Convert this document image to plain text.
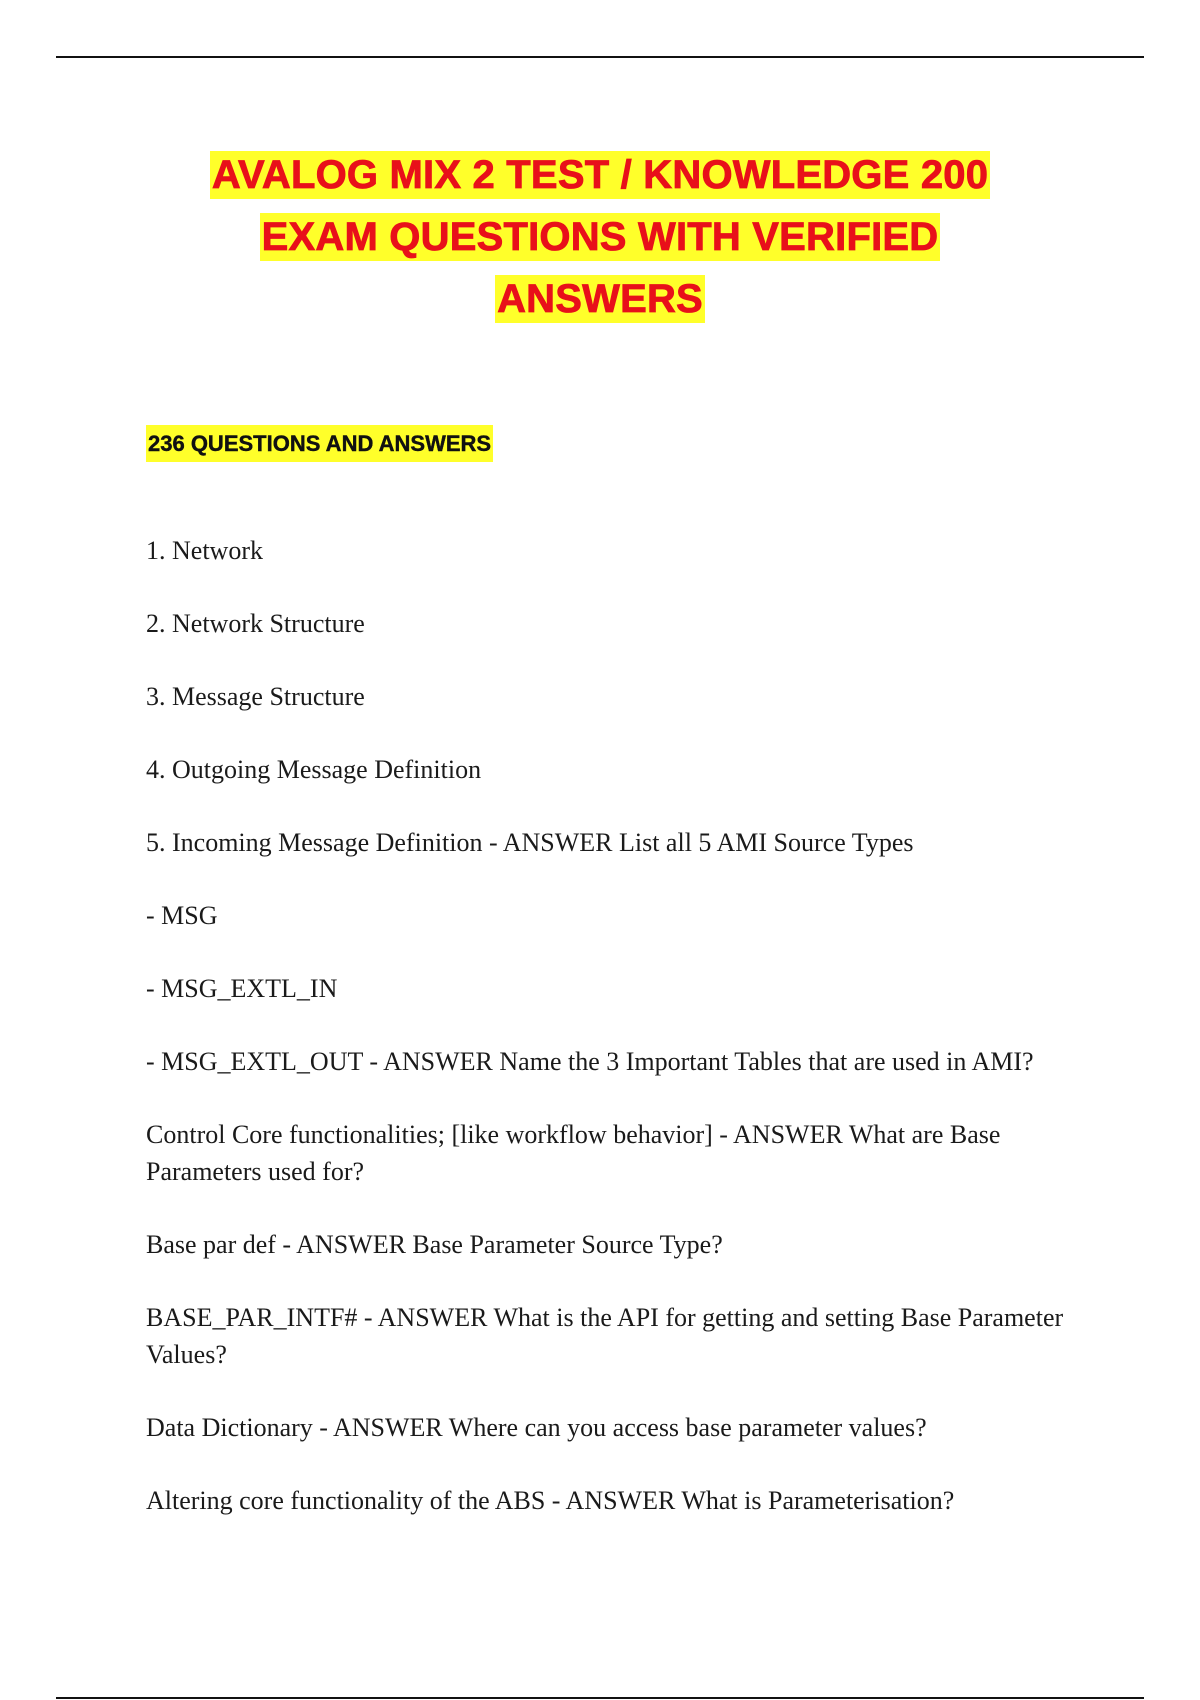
AVALOG MIX 2 TEST / KNOWLEDGE 200
EXAM QUESTIONS WITH VERIFIED
ANSWERS
236 QUESTIONS AND ANSWERS

1. Network

2. Network Structure

3. Message Structure

4. Outgoing Message Definition

5. Incoming Message Definition - ANSWER List all 5 AMI Source Types

- MSG

- MSG_EXTL_IN

- MSG_EXTL_OUT - ANSWER Name the 3 Important Tables that are used in AMI?

Control Core functionalities; [like workflow behavior] - ANSWER What are Base Parameters used for?

Base par def - ANSWER Base Parameter Source Type?

BASE_PAR_INTF# - ANSWER What is the API for getting and setting Base Parameter Values?

Data Dictionary - ANSWER Where can you access base parameter values?

Altering core functionality of the ABS - ANSWER What is Parameterisation?
